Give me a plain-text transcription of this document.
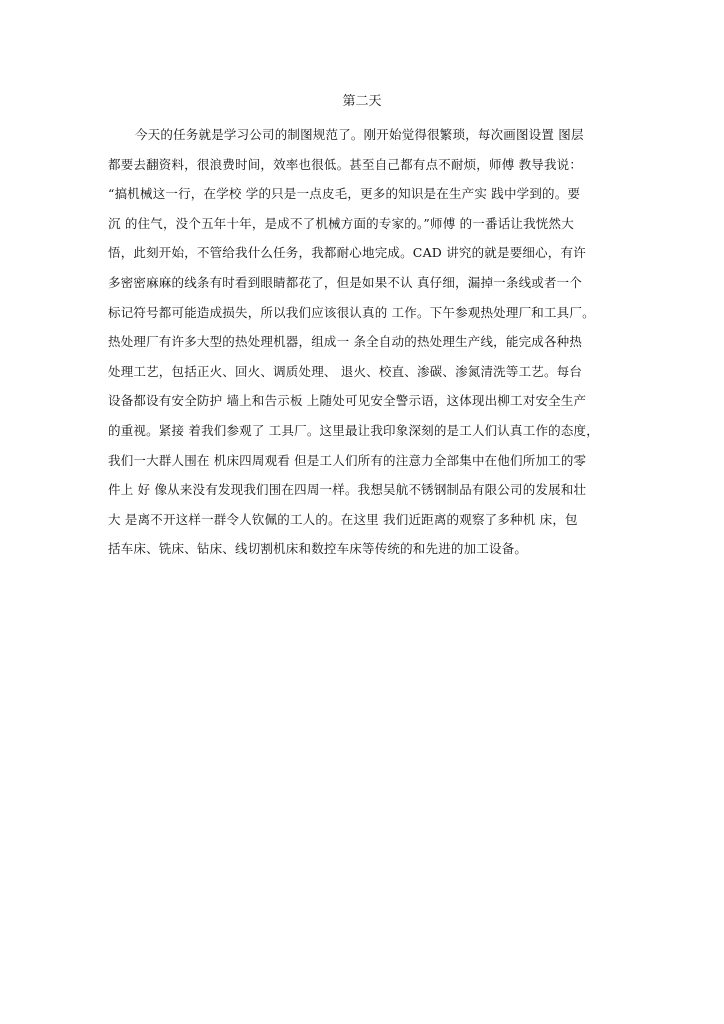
第二天
今天的任务就是学习公司的制图规范了。刚开始觉得很繁琐，每次画图设置 图层
都要去翻资料，很浪费时间，效率也很低。甚至自己都有点不耐烦，师傅 教导我说：
“搞机械这一行，在学校 学的只是一点皮毛，更多的知识是在生产实 践中学到的。要
沉 的住气，没个五年十年，是成不了机械方面的专家的。”师傅 的一番话让我恍然大
悟，此刻开始，不管给我什么任务，我都耐心地完成。CAD 讲究的就是要细心，有许
多密密麻麻的线条有时看到眼睛都花了，但是如果不认 真仔细，漏掉一条线或者一个
标记符号都可能造成损失，所以我们应该很认真的 工作。下午参观热处理厂和工具厂。
热处理厂有许多大型的热处理机器，组成一 条全自动的热处理生产线，能完成各种热
处理工艺，包括正火、回火、调质处理、 退火、校直、渗碳、渗氮清洗等工艺。每台
设备都设有安全防护 墙上和告示板 上随处可见安全警示语，这体现出柳工对安全生产
的重视。紧接 着我们参观了 工具厂。这里最让我印象深刻的是工人们认真工作的态度，
我们一大群人围在 机床四周观看 但是工人们所有的注意力全部集中在他们所加工的零
件上 好 像从来没有发现我们围在四周一样。我想吴航不锈钢制品有限公司的发展和壮
大 是离不开这样一群令人钦佩的工人的。在这里 我们近距离的观察了多种机 床，包
括车床、铣床、钻床、线切割机床和数控车床等传统的和先进的加工设备。
